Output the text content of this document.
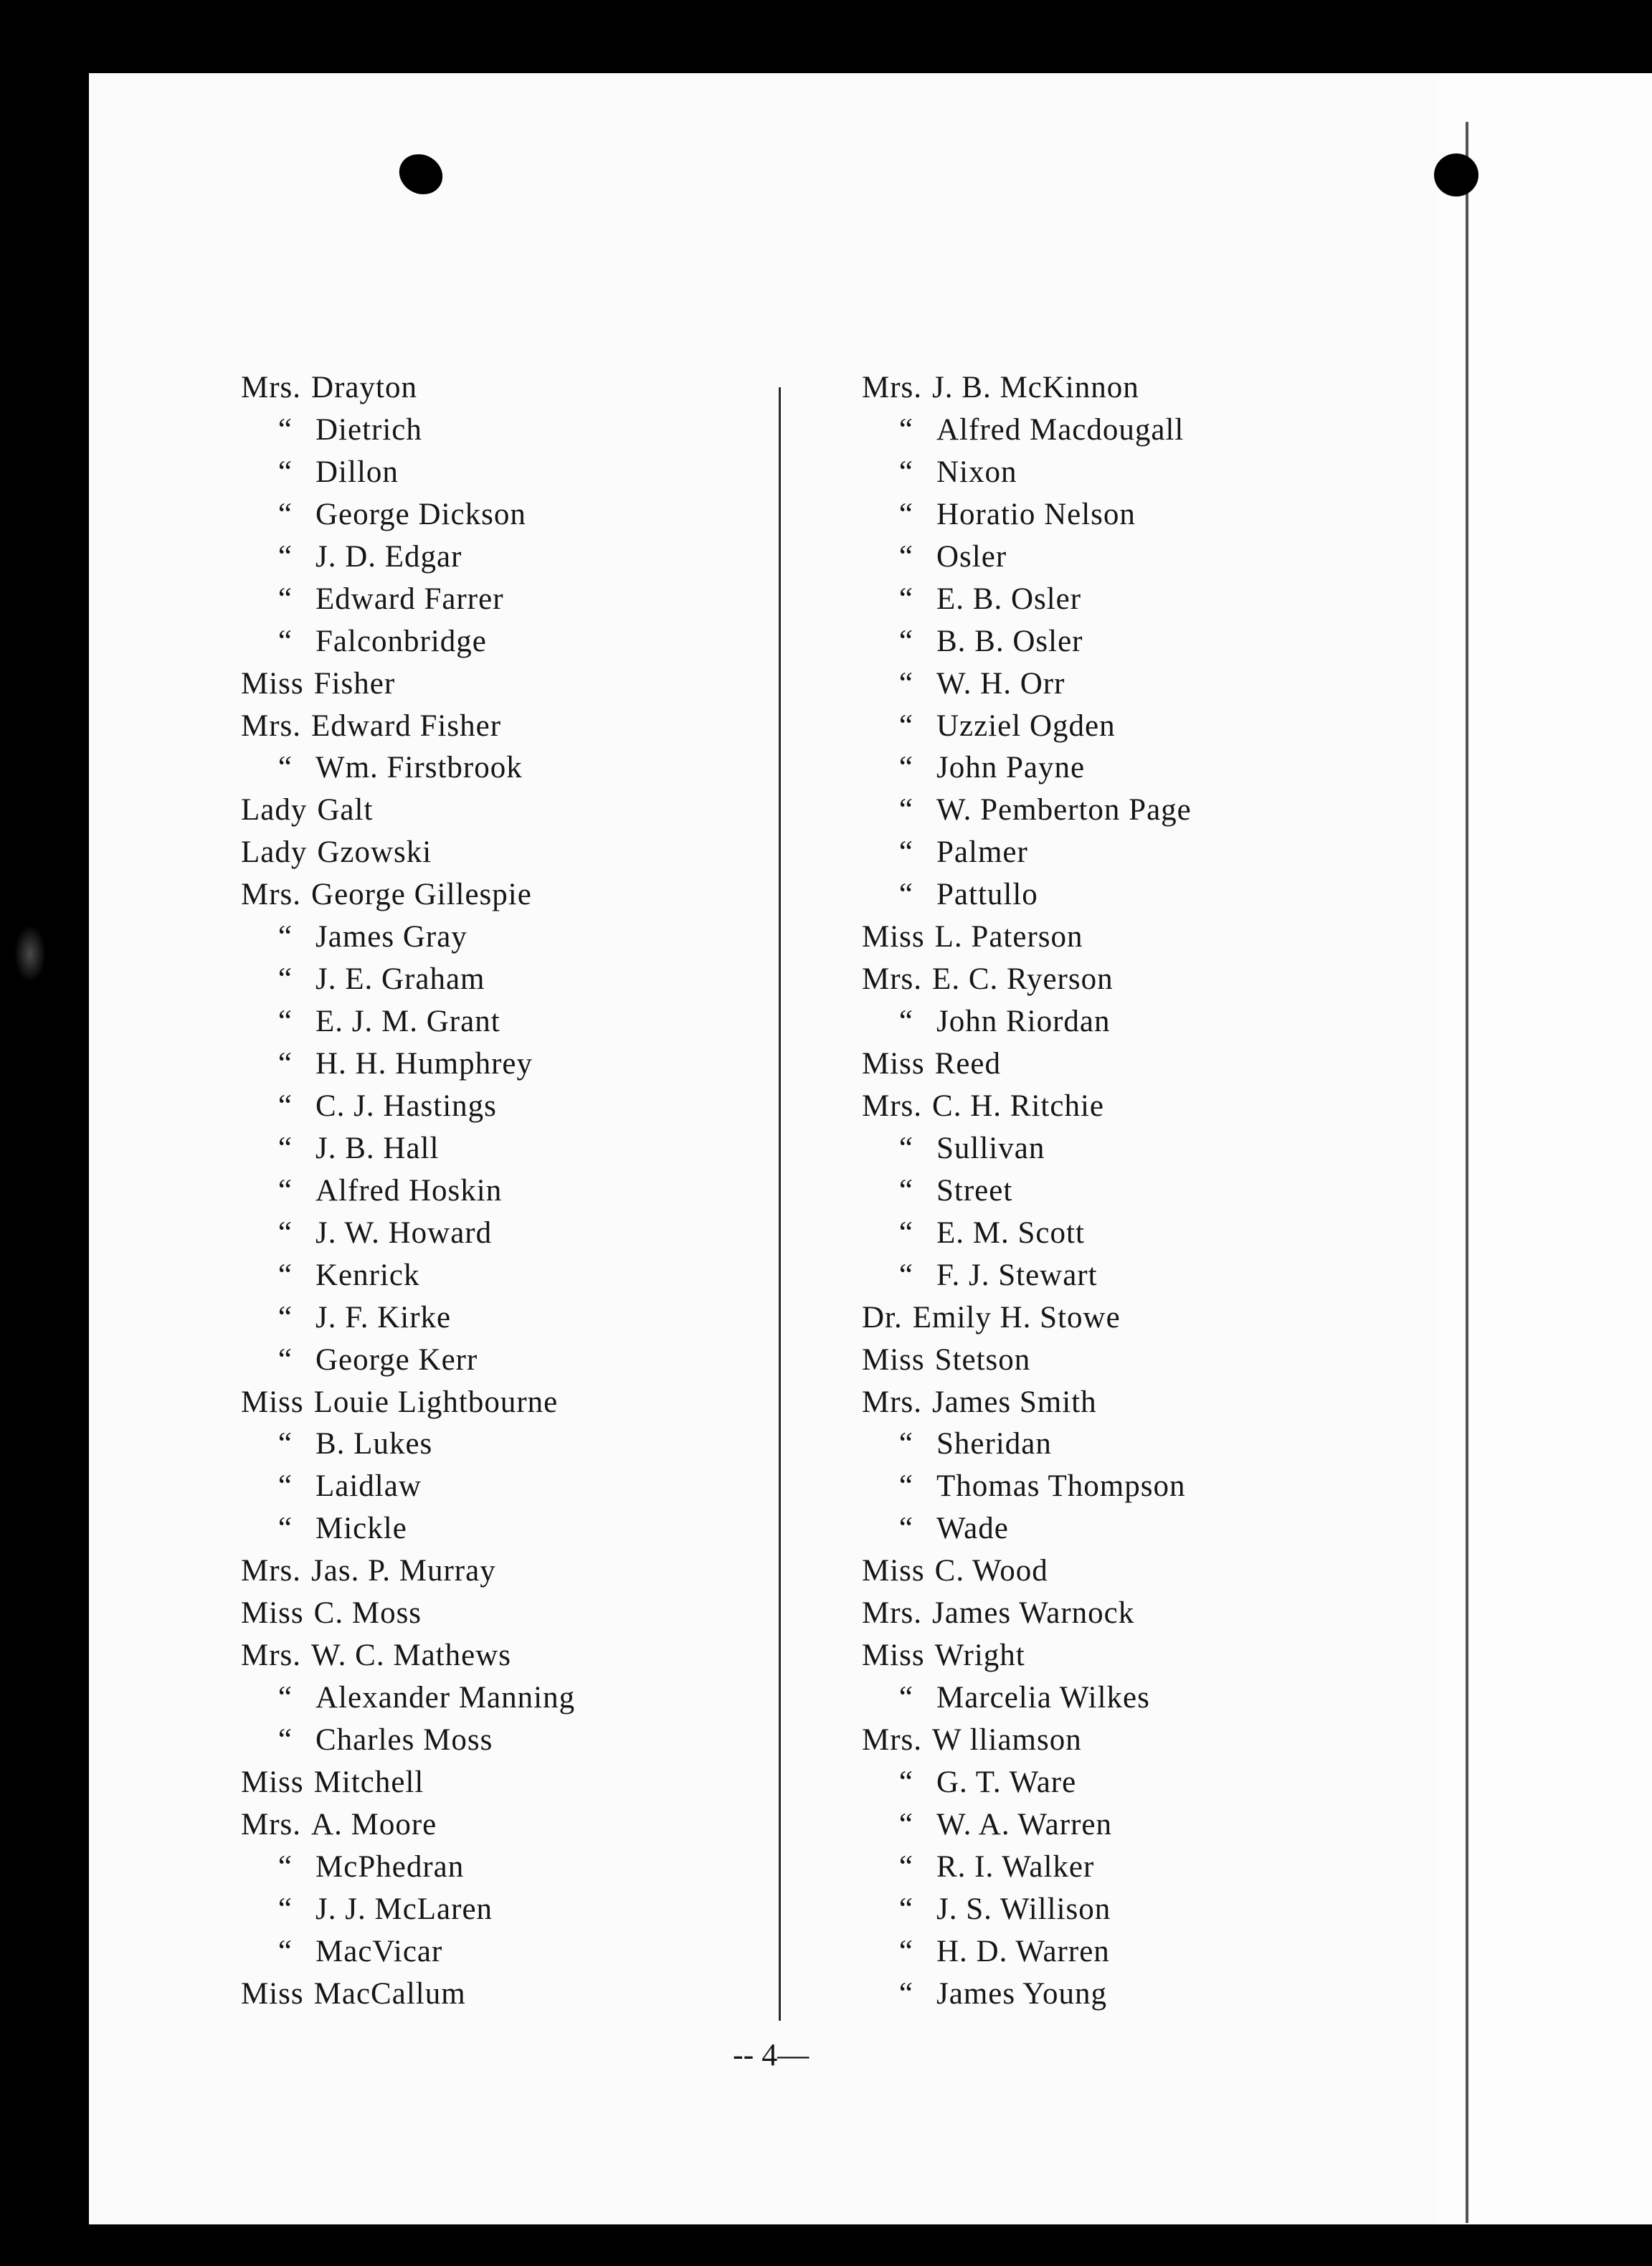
Mrs. Drayton
“ Dietrich
“ Dillon
“ George Dickson
“ J. D. Edgar
“ Edward Farrer
“ Falconbridge
Miss Fisher
Mrs. Edward Fisher
“ Wm. Firstbrook
Lady Galt
Lady Gzowski
Mrs. George Gillespie
“ James Gray
“ J. E. Graham
“ E. J. M. Grant
“ H. H. Humphrey
“ C. J. Hastings
“ J. B. Hall
“ Alfred Hoskin
“ J. W. Howard
“ Kenrick
“ J. F. Kirke
“ George Kerr
Miss Louie Lightbourne
“ B. Lukes
“ Laidlaw
“ Mickle
Mrs. Jas. P. Murray
Miss C. Moss
Mrs. W. C. Mathews
“ Alexander Manning
“ Charles Moss
Miss Mitchell
Mrs. A. Moore
“ McPhedran
“ J. J. McLaren
“ MacVicar
Miss MacCallum
Mrs. J. B. McKinnon
“ Alfred Macdougall
“ Nixon
“ Horatio Nelson
“ Osler
“ E. B. Osler
“ B. B. Osler
“ W. H. Orr
“ Uzziel Ogden
“ John Payne
“ W. Pemberton Page
“ Palmer
“ Pattullo
Miss L. Paterson
Mrs. E. C. Ryerson
“ John Riordan
Miss Reed
Mrs. C. H. Ritchie
“ Sullivan
“ Street
“ E. M. Scott
“ F. J. Stewart
Dr. Emily H. Stowe
Miss Stetson
Mrs. James Smith
“ Sheridan
“ Thomas Thompson
“ Wade
Miss C. Wood
Mrs. James Warnock
Miss Wright
“ Marcelia Wilkes
Mrs. W lliamson
“ G. T. Ware
“ W. A. Warren
“ R. I. Walker
“ J. S. Willison
“ H. D. Warren
“ James Young
-- 4—
